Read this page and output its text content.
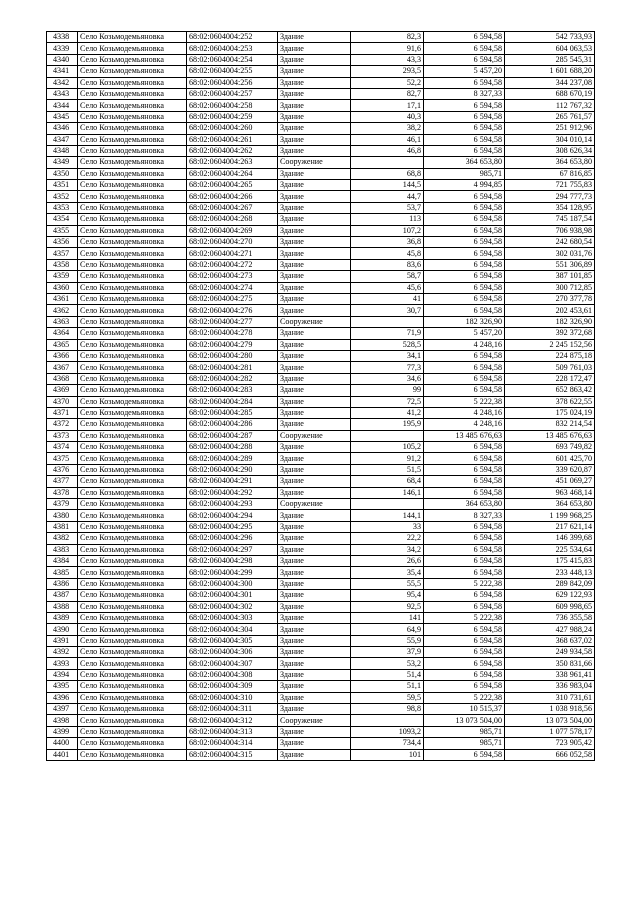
4338	Село Козьмодемьяновка	68:02:0604004:252	Здание	82,3	6 594,58	542 733,93
4339	Село Козьмодемьяновка	68:02:0604004:253	Здание	91,6	6 594,58	604 063,53
4340	Село Козьмодемьяновка	68:02:0604004:254	Здание	43,3	6 594,58	285 545,31
4341	Село Козьмодемьяновка	68:02:0604004:255	Здание	293,5	5 457,20	1 601 688,20
4342	Село Козьмодемьяновка	68:02:0604004:256	Здание	52,2	6 594,58	344 237,08
4343	Село Козьмодемьяновка	68:02:0604004:257	Здание	82,7	8 327,33	688 670,19
4344	Село Козьмодемьяновка	68:02:0604004:258	Здание	17,1	6 594,58	112 767,32
4345	Село Козьмодемьяновка	68:02:0604004:259	Здание	40,3	6 594,58	265 761,57
4346	Село Козьмодемьяновка	68:02:0604004:260	Здание	38,2	6 594,58	251 912,96
4347	Село Козьмодемьяновка	68:02:0604004:261	Здание	46,1	6 594,58	304 010,14
4348	Село Козьмодемьяновка	68:02:0604004:262	Здание	46,8	6 594,58	308 626,34
4349	Село Козьмодемьяновка	68:02:0604004:263	Сооружение		364 653,80	364 653,80
4350	Село Козьмодемьяновка	68:02:0604004:264	Здание	68,8	985,71	67 816,85
4351	Село Козьмодемьяновка	68:02:0604004:265	Здание	144,5	4 994,85	721 755,83
4352	Село Козьмодемьяновка	68:02:0604004:266	Здание	44,7	6 594,58	294 777,73
4353	Село Козьмодемьяновка	68:02:0604004:267	Здание	53,7	6 594,58	354 128,95
4354	Село Козьмодемьяновка	68:02:0604004:268	Здание	113	6 594,58	745 187,54
4355	Село Козьмодемьяновка	68:02:0604004:269	Здание	107,2	6 594,58	706 938,98
4356	Село Козьмодемьяновка	68:02:0604004:270	Здание	36,8	6 594,58	242 680,54
4357	Село Козьмодемьяновка	68:02:0604004:271	Здание	45,8	6 594,58	302 031,76
4358	Село Козьмодемьяновка	68:02:0604004:272	Здание	83,6	6 594,58	551 306,89
4359	Село Козьмодемьяновка	68:02:0604004:273	Здание	58,7	6 594,58	387 101,85
4360	Село Козьмодемьяновка	68:02:0604004:274	Здание	45,6	6 594,58	300 712,85
4361	Село Козьмодемьяновка	68:02:0604004:275	Здание	41	6 594,58	270 377,78
4362	Село Козьмодемьяновка	68:02:0604004:276	Здание	30,7	6 594,58	202 453,61
4363	Село Козьмодемьяновка	68:02:0604004:277	Сооружение		182 326,90	182 326,90
4364	Село Козьмодемьяновка	68:02:0604004:278	Здание	71,9	5 457,20	392 372,68
4365	Село Козьмодемьяновка	68:02:0604004:279	Здание	528,5	4 248,16	2 245 152,56
4366	Село Козьмодемьяновка	68:02:0604004:280	Здание	34,1	6 594,58	224 875,18
4367	Село Козьмодемьяновка	68:02:0604004:281	Здание	77,3	6 594,58	509 761,03
4368	Село Козьмодемьяновка	68:02:0604004:282	Здание	34,6	6 594,58	228 172,47
4369	Село Козьмодемьяновка	68:02:0604004:283	Здание	99	6 594,58	652 863,42
4370	Село Козьмодемьяновка	68:02:0604004:284	Здание	72,5	5 222,38	378 622,55
4371	Село Козьмодемьяновка	68:02:0604004:285	Здание	41,2	4 248,16	175 024,19
4372	Село Козьмодемьяновка	68:02:0604004:286	Здание	195,9	4 248,16	832 214,54
4373	Село Козьмодемьяновка	68:02:0604004:287	Сооружение		13 485 676,63	13 485 676,63
4374	Село Козьмодемьяновка	68:02:0604004:288	Здание	105,2	6 594,58	693 749,82
4375	Село Козьмодемьяновка	68:02:0604004:289	Здание	91,2	6 594,58	601 425,70
4376	Село Козьмодемьяновка	68:02:0604004:290	Здание	51,5	6 594,58	339 620,87
4377	Село Козьмодемьяновка	68:02:0604004:291	Здание	68,4	6 594,58	451 069,27
4378	Село Козьмодемьяновка	68:02:0604004:292	Здание	146,1	6 594,58	963 468,14
4379	Село Козьмодемьяновка	68:02:0604004:293	Сооружение		364 653,80	364 653,80
4380	Село Козьмодемьяновка	68:02:0604004:294	Здание	144,1	8 327,33	1 199 968,25
4381	Село Козьмодемьяновка	68:02:0604004:295	Здание	33	6 594,58	217 621,14
4382	Село Козьмодемьяновка	68:02:0604004:296	Здание	22,2	6 594,58	146 399,68
4383	Село Козьмодемьяновка	68:02:0604004:297	Здание	34,2	6 594,58	225 534,64
4384	Село Козьмодемьяновка	68:02:0604004:298	Здание	26,6	6 594,58	175 415,83
4385	Село Козьмодемьяновка	68:02:0604004:299	Здание	35,4	6 594,58	233 448,13
4386	Село Козьмодемьяновка	68:02:0604004:300	Здание	55,5	5 222,38	289 842,09
4387	Село Козьмодемьяновка	68:02:0604004:301	Здание	95,4	6 594,58	629 122,93
4388	Село Козьмодемьяновка	68:02:0604004:302	Здание	92,5	6 594,58	609 998,65
4389	Село Козьмодемьяновка	68:02:0604004:303	Здание	141	5 222,38	736 355,58
4390	Село Козьмодемьяновка	68:02:0604004:304	Здание	64,9	6 594,58	427 988,24
4391	Село Козьмодемьяновка	68:02:0604004:305	Здание	55,9	6 594,58	368 637,02
4392	Село Козьмодемьяновка	68:02:0604004:306	Здание	37,9	6 594,58	249 934,58
4393	Село Козьмодемьяновка	68:02:0604004:307	Здание	53,2	6 594,58	350 831,66
4394	Село Козьмодемьяновка	68:02:0604004:308	Здание	51,4	6 594,58	338 961,41
4395	Село Козьмодемьяновка	68:02:0604004:309	Здание	51,1	6 594,58	336 983,04
4396	Село Козьмодемьяновка	68:02:0604004:310	Здание	59,5	5 222,38	310 731,61
4397	Село Козьмодемьяновка	68:02:0604004:311	Здание	98,8	10 515,37	1 038 918,56
4398	Село Козьмодемьяновка	68:02:0604004:312	Сооружение		13 073 504,00	13 073 504,00
4399	Село Козьмодемьяновка	68:02:0604004:313	Здание	1093,2	985,71	1 077 578,17
4400	Село Козьмодемьяновка	68:02:0604004:314	Здание	734,4	985,71	723 905,42
4401	Село Козьмодемьяновка	68:02:0604004:315	Здание	101	6 594,58	666 052,58
